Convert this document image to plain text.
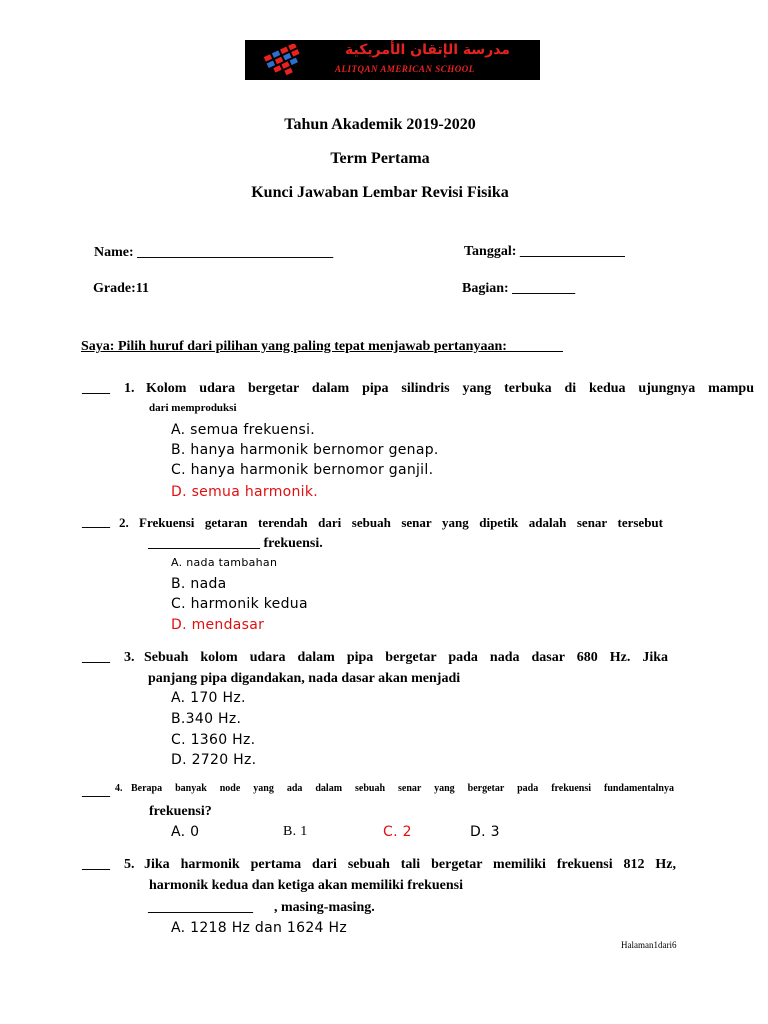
مدرسة الإتقان الأمريكية
ALITQAN AMERICAN SCHOOL
Tahun Akademik 2019-2020
Term Pertama
Kunci Jawaban Lembar Revisi Fisika
Name: ____________________________	Tanggal: _______________
Grade:11	Bagian: _________
Saya: Pilih huruf dari pilihan yang paling tepat menjawab pertanyaan:________
____ 1. Kolom udara bergetar dalam pipa silindris yang terbuka di kedua ujungnya mampu
dari memproduksi
A. semua frekuensi.
B. hanya harmonik bernomor genap.
C. hanya harmonik bernomor ganjil.
D. semua harmonik.
____ 2. Frekuensi getaran terendah dari sebuah senar yang dipetik adalah senar tersebut
________________ frekuensi.
A. nada tambahan
B. nada
C. harmonik kedua
D. mendasar
____ 3. Sebuah kolom udara dalam pipa bergetar pada nada dasar 680 Hz. Jika
panjang pipa digandakan, nada dasar akan menjadi
A. 170 Hz.
B.340 Hz.
C. 1360 Hz.
D. 2720 Hz.
____ 4. Berapa banyak node yang ada dalam sebuah senar yang bergetar pada frekuensi fundamentalnya
frekuensi?
A. 0	B. 1	C. 2	D. 3
____ 5. Jika harmonik pertama dari sebuah tali bergetar memiliki frekuensi 812 Hz,
harmonik kedua dan ketiga akan memiliki frekuensi
_______________      , masing-masing.
A. 1218 Hz dan 1624 Hz
Halaman1dari6
